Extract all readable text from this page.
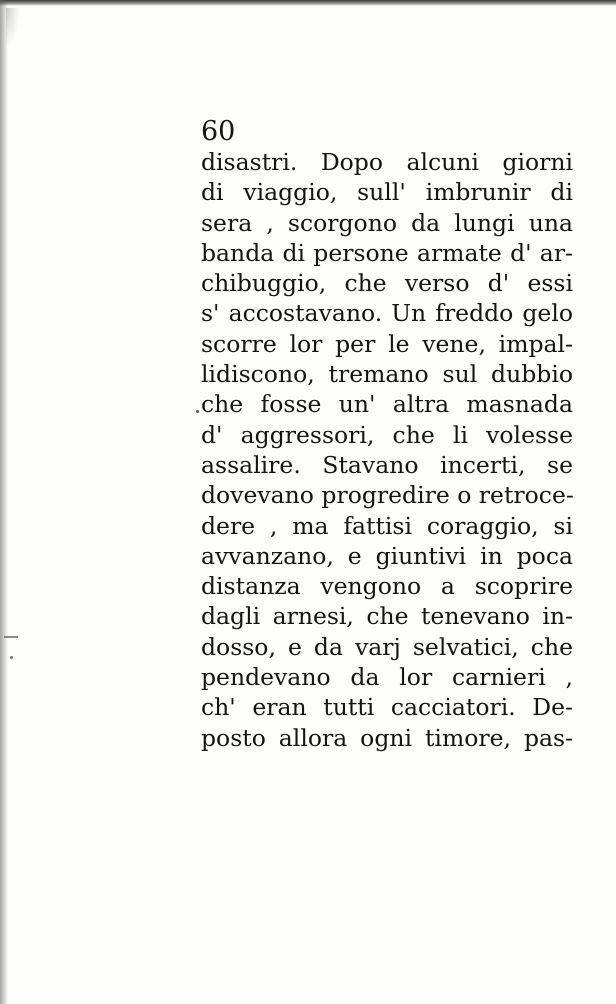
60
disastri. Dopo alcuni giorni
di viaggio, sull' imbrunir di
sera , scorgono da lungi una
banda di persone armate d' ar-
chibuggio, che verso d' essi
s' accostavano. Un freddo gelo
scorre lor per le vene, impal-
lidiscono, tremano sul dubbio
che fosse un' altra masnada
d' aggressori, che li volesse
assalire. Stavano incerti, se
dovevano progredire o retroce-
dere , ma fattisi coraggio, si
avvanzano, e giuntivi in poca
distanza vengono a scoprire
dagli arnesi, che tenevano in-
dosso, e da varj selvatici, che
pendevano da lor carnieri ,
ch' eran tutti cacciatori. De-
posto allora ogni timore, pas-
